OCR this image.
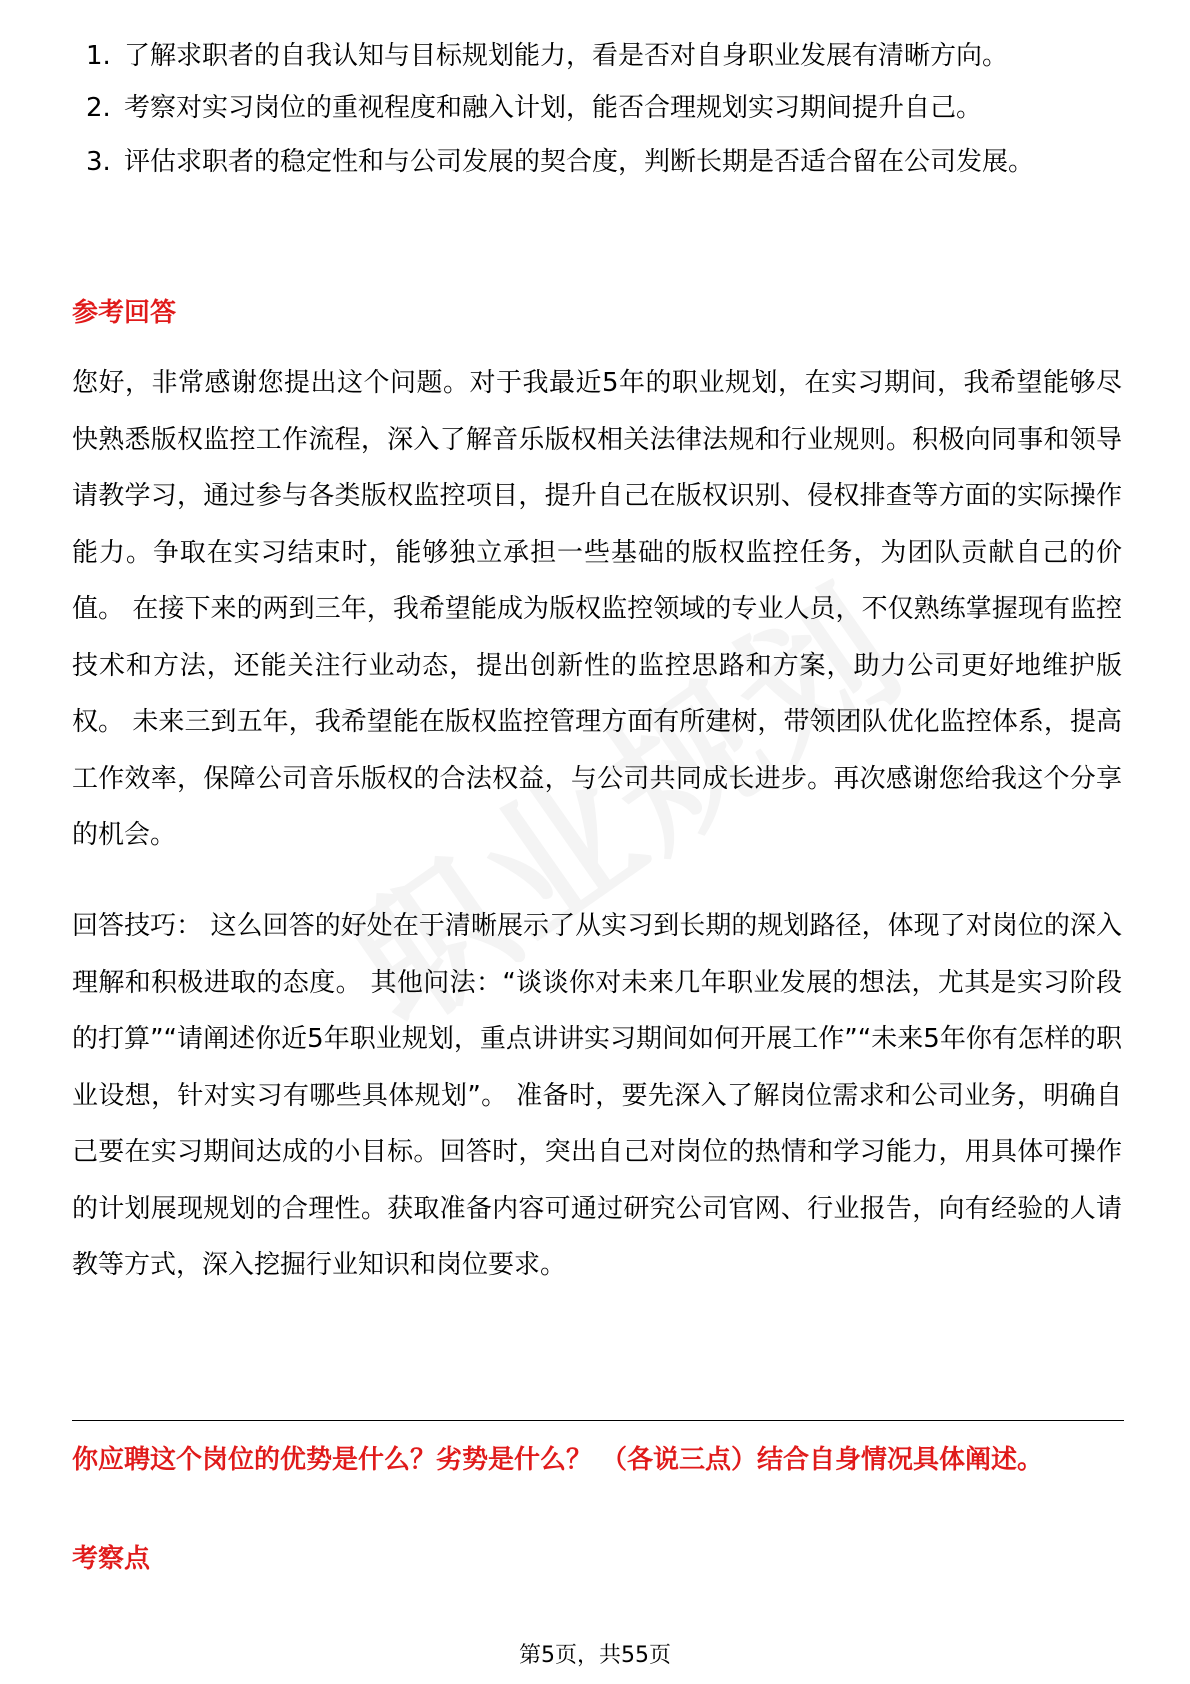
1. 了解求职者的自我认知与目标规划能力，看是否对自身职业发展有清晰方向。
2. 考察对实习岗位的重视程度和融入计划，能否合理规划实习期间提升自己。
3. 评估求职者的稳定性和与公司发展的契合度，判断长期是否适合留在公司发展。
参考回答

您好，非常感谢您提出这个问题。对于我最近5年的职业规划，在实习期间，我希望能够尽快熟悉版权监控工作流程，深入了解音乐版权相关法律法规和行业规则。积极向同事和领导请教学习，通过参与各类版权监控项目，提升自己在版权识别、侵权排查等方面的实际操作能力。争取在实习结束时，能够独立承担一些基础的版权监控任务，为团队贡献自己的价值。 在接下来的两到三年，我希望能成为版权监控领域的专业人员，不仅熟练掌握现有监控技术和方法，还能关注行业动态，提出创新性的监控思路和方案，助力公司更好地维护版权。 未来三到五年，我希望能在版权监控管理方面有所建树，带领团队优化监控体系，提高工作效率，保障公司音乐版权的合法权益，与公司共同成长进步。再次感谢您给我这个分享的机会。

回答技巧： 这么回答的好处在于清晰展示了从实习到长期的规划路径，体现了对岗位的深入理解和积极进取的态度。 其他问法：“谈谈你对未来几年职业发展的想法，尤其是实习阶段的打算”“请阐述你近5年职业规划，重点讲讲实习期间如何开展工作”“未来5年你有怎样的职业设想，针对实习有哪些具体规划”。 准备时，要先深入了解岗位需求和公司业务，明确自己要在实习期间达成的小目标。回答时，突出自己对岗位的热情和学习能力，用具体可操作的计划展现规划的合理性。获取准备内容可通过研究公司官网、行业报告，向有经验的人请教等方式，深入挖掘行业知识和岗位要求。

你应聘这个岗位的优势是什么？劣势是什么？ （各说三点）结合自身情况具体阐述。

考察点
第5页，共55页
